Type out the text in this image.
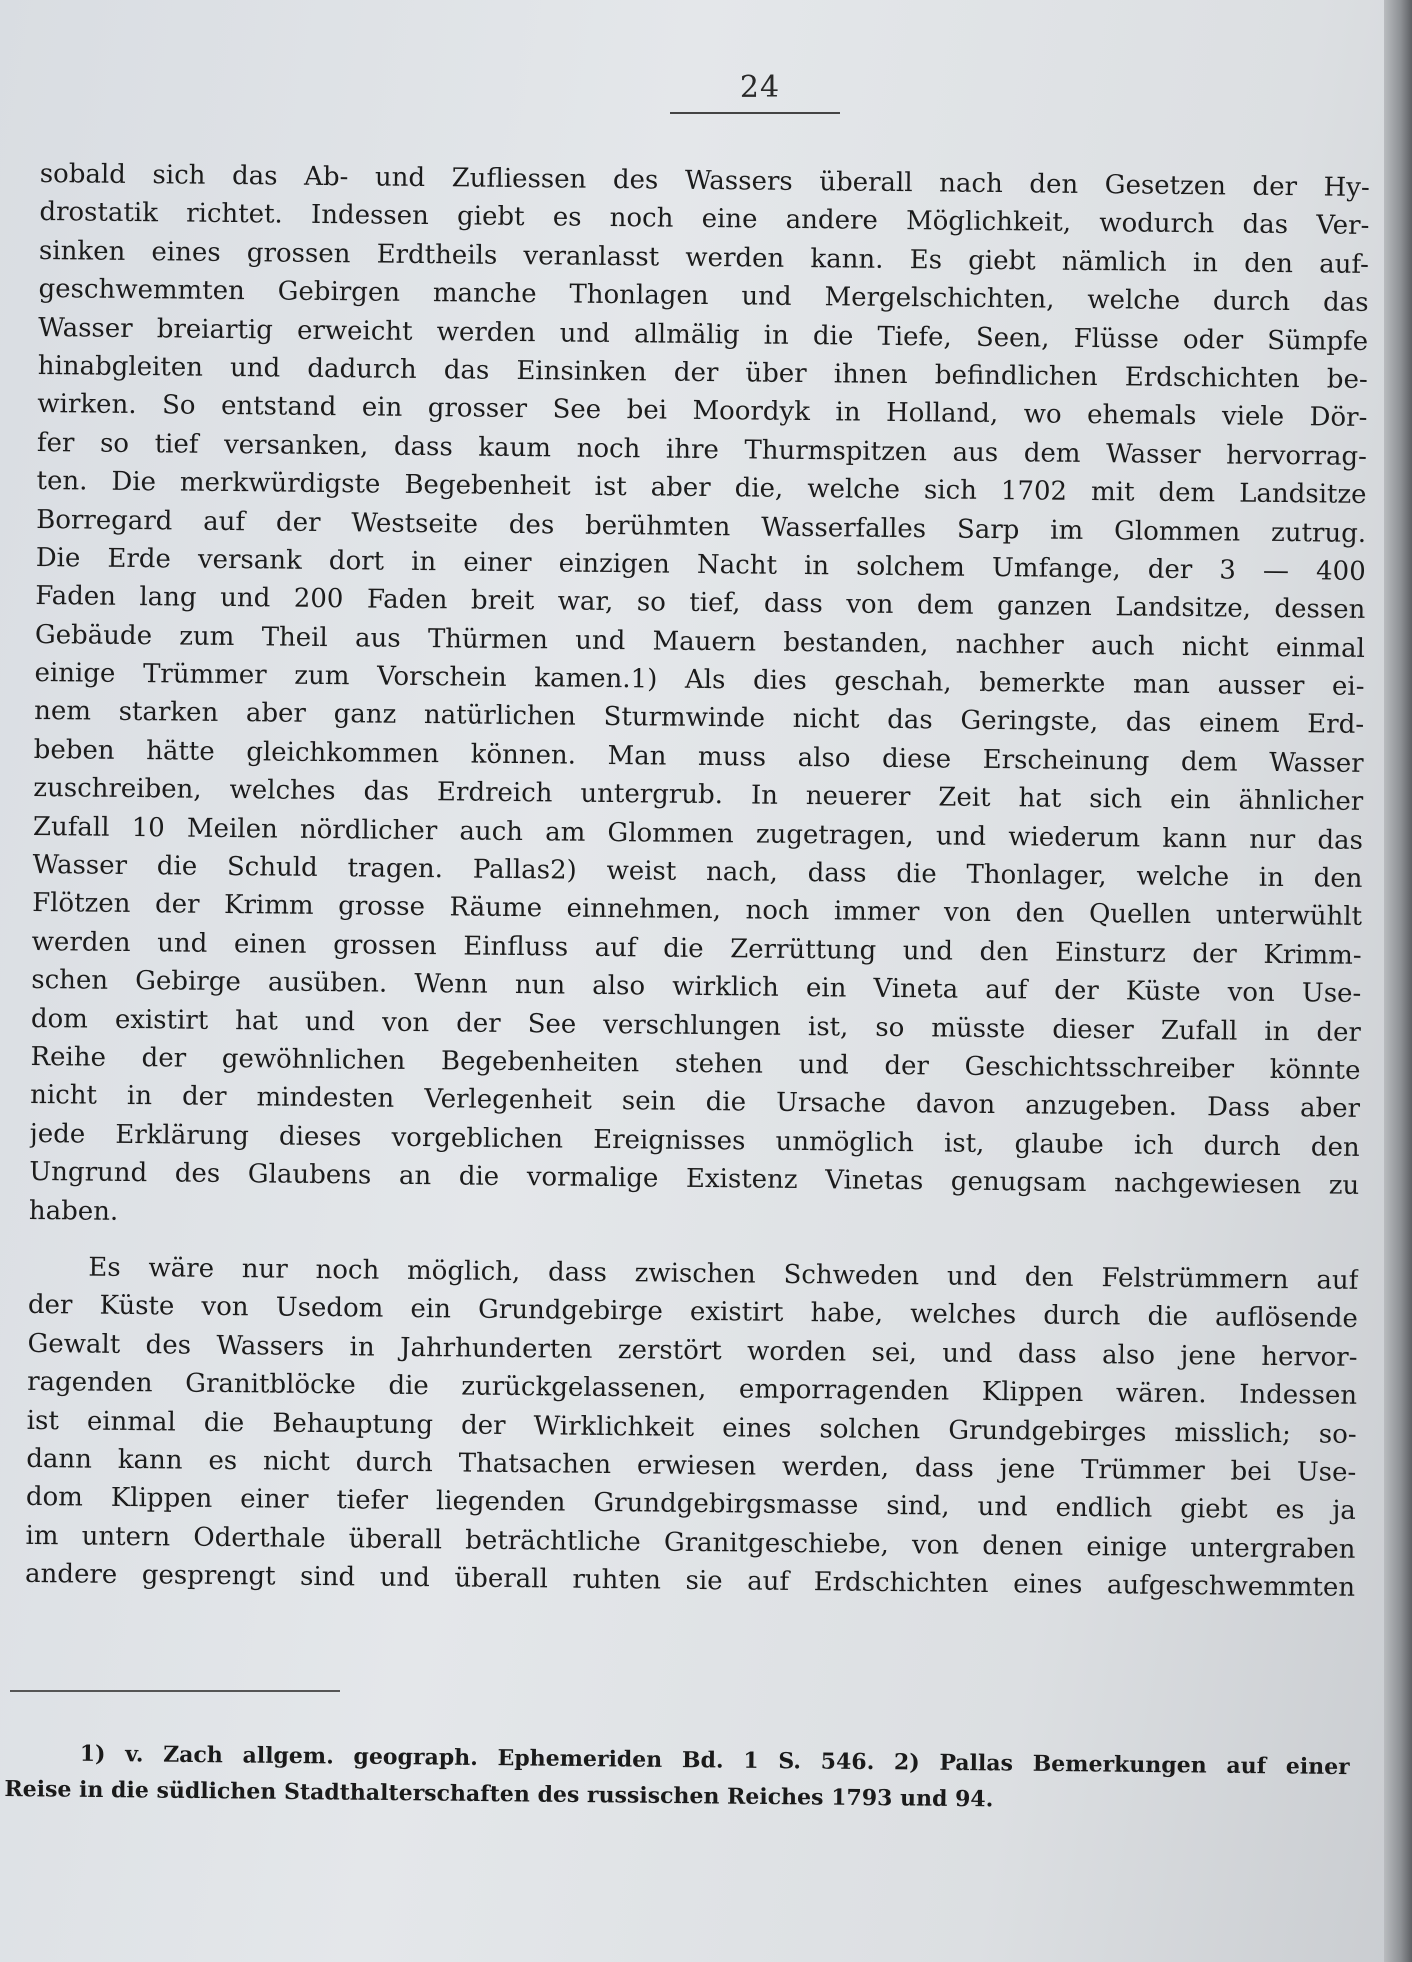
24
sobald sich das Ab- und Zufliessen des Wassers überall nach den Gesetzen der Hy-
drostatik richtet. Indessen giebt es noch eine andere Möglichkeit, wodurch das Ver-
sinken eines grossen Erdtheils veranlasst werden kann. Es giebt nämlich in den auf-
geschwemmten Gebirgen manche Thonlagen und Mergelschichten, welche durch das
Wasser breiartig erweicht werden und allmälig in die Tiefe, Seen, Flüsse oder Sümpfe
hinabgleiten und dadurch das Einsinken der über ihnen befindlichen Erdschichten be-
wirken. So entstand ein grosser See bei Moordyk in Holland, wo ehemals viele Dör-
fer so tief versanken, dass kaum noch ihre Thurmspitzen aus dem Wasser hervorrag-
ten. Die merkwürdigste Begebenheit ist aber die, welche sich 1702 mit dem Landsitze
Borregard auf der Westseite des berühmten Wasserfalles Sarp im Glommen zutrug.
Die Erde versank dort in einer einzigen Nacht in solchem Umfange, der 3 — 400
Faden lang und 200 Faden breit war, so tief, dass von dem ganzen Landsitze, dessen
Gebäude zum Theil aus Thürmen und Mauern bestanden, nachher auch nicht einmal
einige Trümmer zum Vorschein kamen.1) Als dies geschah, bemerkte man ausser ei-
nem starken aber ganz natürlichen Sturmwinde nicht das Geringste, das einem Erd-
beben hätte gleichkommen können. Man muss also diese Erscheinung dem Wasser
zuschreiben, welches das Erdreich untergrub. In neuerer Zeit hat sich ein ähnlicher
Zufall 10 Meilen nördlicher auch am Glommen zugetragen, und wiederum kann nur das
Wasser die Schuld tragen. Pallas2) weist nach, dass die Thonlager, welche in den
Flötzen der Krimm grosse Räume einnehmen, noch immer von den Quellen unterwühlt
werden und einen grossen Einfluss auf die Zerrüttung und den Einsturz der Krimm-
schen Gebirge ausüben. Wenn nun also wirklich ein Vineta auf der Küste von Use-
dom existirt hat und von der See verschlungen ist, so müsste dieser Zufall in der
Reihe der gewöhnlichen Begebenheiten stehen und der Geschichtsschreiber könnte
nicht in der mindesten Verlegenheit sein die Ursache davon anzugeben. Dass aber
jede Erklärung dieses vorgeblichen Ereignisses unmöglich ist, glaube ich durch den
Ungrund des Glaubens an die vormalige Existenz Vinetas genugsam nachgewiesen zu
haben.
Es wäre nur noch möglich, dass zwischen Schweden und den Felstrümmern auf
der Küste von Usedom ein Grundgebirge existirt habe, welches durch die auflösende
Gewalt des Wassers in Jahrhunderten zerstört worden sei, und dass also jene hervor-
ragenden Granitblöcke die zurückgelassenen, emporragenden Klippen wären. Indessen
ist einmal die Behauptung der Wirklichkeit eines solchen Grundgebirges misslich; so-
dann kann es nicht durch Thatsachen erwiesen werden, dass jene Trümmer bei Use-
dom Klippen einer tiefer liegenden Grundgebirgsmasse sind, und endlich giebt es ja
im untern Oderthale überall beträchtliche Granitgeschiebe, von denen einige untergraben
andere gesprengt sind und überall ruhten sie auf Erdschichten eines aufgeschwemmten
1) v. Zach allgem. geograph. Ephemeriden Bd. 1 S. 546. 2) Pallas Bemerkungen auf einer
Reise in die südlichen Stadthalterschaften des russischen Reiches 1793 und 94.
